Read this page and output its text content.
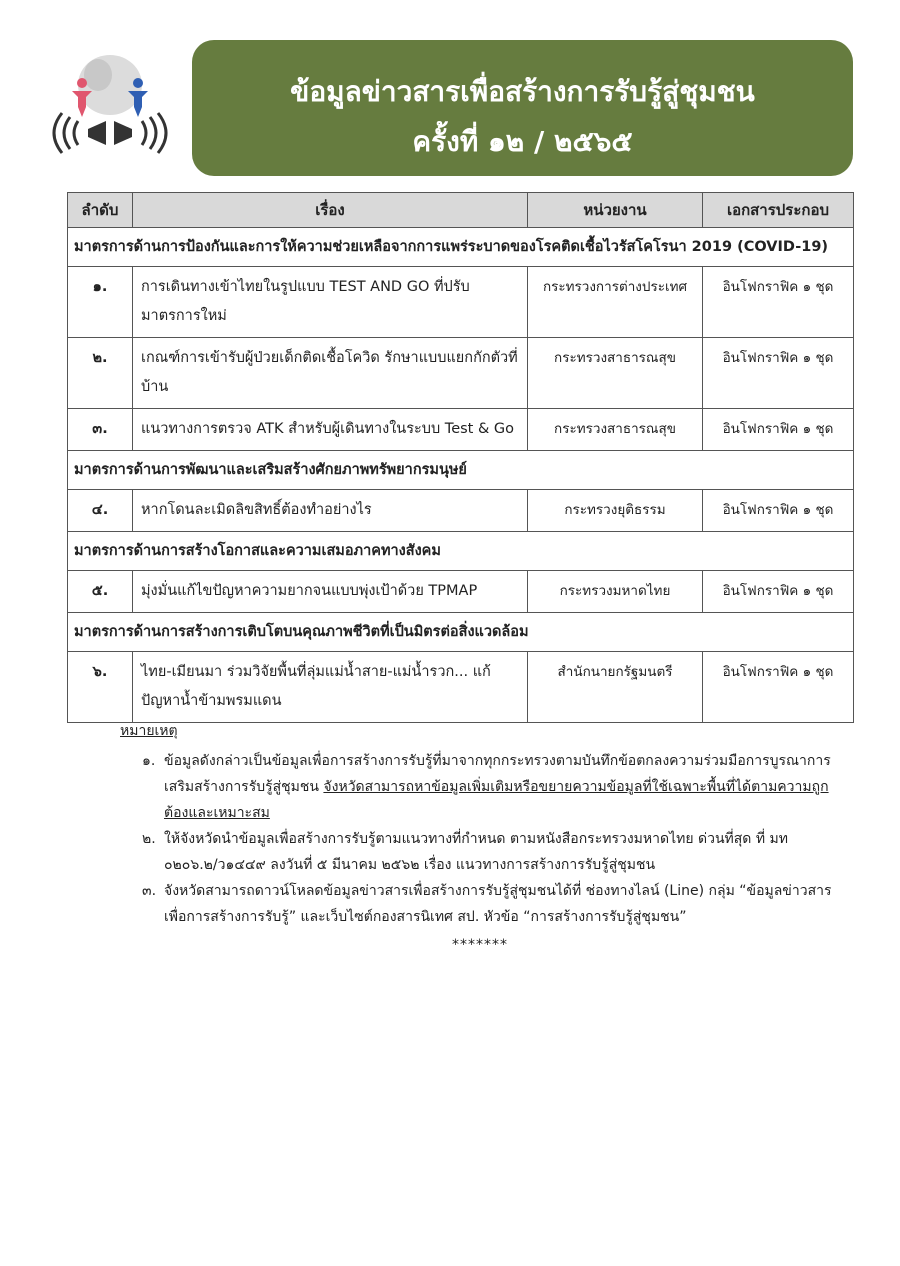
ข้อมูลข่าวสารเพื่อสร้างการรับรู้สู่ชุมชน
ครั้งที่ ๑๒ / ๒๕๖๕
ลำดับ	เรื่อง	หน่วยงาน	เอกสารประกอบ
มาตรการด้านการป้องกันและการให้ความช่วยเหลือจากการแพร่ระบาดของโรคติดเชื้อไวรัสโคโรนา 2019 (COVID-19)			
๑.	การเดินทางเข้าไทยในรูปแบบ TEST AND GO ที่ปรับมาตรการใหม่	กระทรวงการต่างประเทศ	อินโฟกราฟิค ๑ ชุด
๒.	เกณฑ์การเข้ารับผู้ป่วยเด็กติดเชื้อโควิด รักษาแบบแยกกักตัวที่บ้าน	กระทรวงสาธารณสุข	อินโฟกราฟิค ๑ ชุด
๓.	แนวทางการตรวจ ATK สำหรับผู้เดินทางในระบบ Test & Go	กระทรวงสาธารณสุข	อินโฟกราฟิค ๑ ชุด
มาตรการด้านการพัฒนาและเสริมสร้างศักยภาพทรัพยากรมนุษย์			
๔.	หากโดนละเมิดลิขสิทธิ์ต้องทำอย่างไร	กระทรวงยุติธรรม	อินโฟกราฟิค ๑ ชุด
มาตรการด้านการสร้างโอกาสและความเสมอภาคทางสังคม			
๕.	มุ่งมั่นแก้ไขปัญหาความยากจนแบบพุ่งเป้าด้วย TPMAP	กระทรวงมหาดไทย	อินโฟกราฟิค ๑ ชุด
มาตรการด้านการสร้างการเติบโตบนคุณภาพชีวิตที่เป็นมิตรต่อสิ่งแวดล้อม			
๖.	ไทย-เมียนมา ร่วมวิจัยพื้นที่ลุ่มแม่น้ำสาย-แม่น้ำรวก... แก้ปัญหาน้ำข้ามพรมแดน	สำนักนายกรัฐมนตรี	อินโฟกราฟิค ๑ ชุด
หมายเหตุ
๑. ข้อมูลดังกล่าวเป็นข้อมูลเพื่อการสร้างการรับรู้ที่มาจากทุกกระทรวงตามบันทึกข้อตกลงความร่วมมือการบูรณาการเสริมสร้างการรับรู้สู่ชุมชน จังหวัดสามารถหาข้อมูลเพิ่มเติมหรือขยายความข้อมูลที่ใช้เฉพาะพื้นที่ได้ตามความถูกต้องและเหมาะสม
๒. ให้จังหวัดนำข้อมูลเพื่อสร้างการรับรู้ตามแนวทางที่กำหนด ตามหนังสือกระทรวงมหาดไทย ด่วนที่สุด ที่ มท ๐๒๐๖.๒/ว๑๔๔๙ ลงวันที่ ๕ มีนาคม ๒๕๖๒ เรื่อง แนวทางการสร้างการรับรู้สู่ชุมชน
๓. จังหวัดสามารถดาวน์โหลดข้อมูลข่าวสารเพื่อสร้างการรับรู้สู่ชุมชนได้ที่ ช่องทางไลน์ (Line) กลุ่ม “ข้อมูลข่าวสารเพื่อการสร้างการรับรู้” และเว็บไซต์กองสารนิเทศ สป. หัวข้อ “การสร้างการรับรู้สู่ชุมชน”
*******
